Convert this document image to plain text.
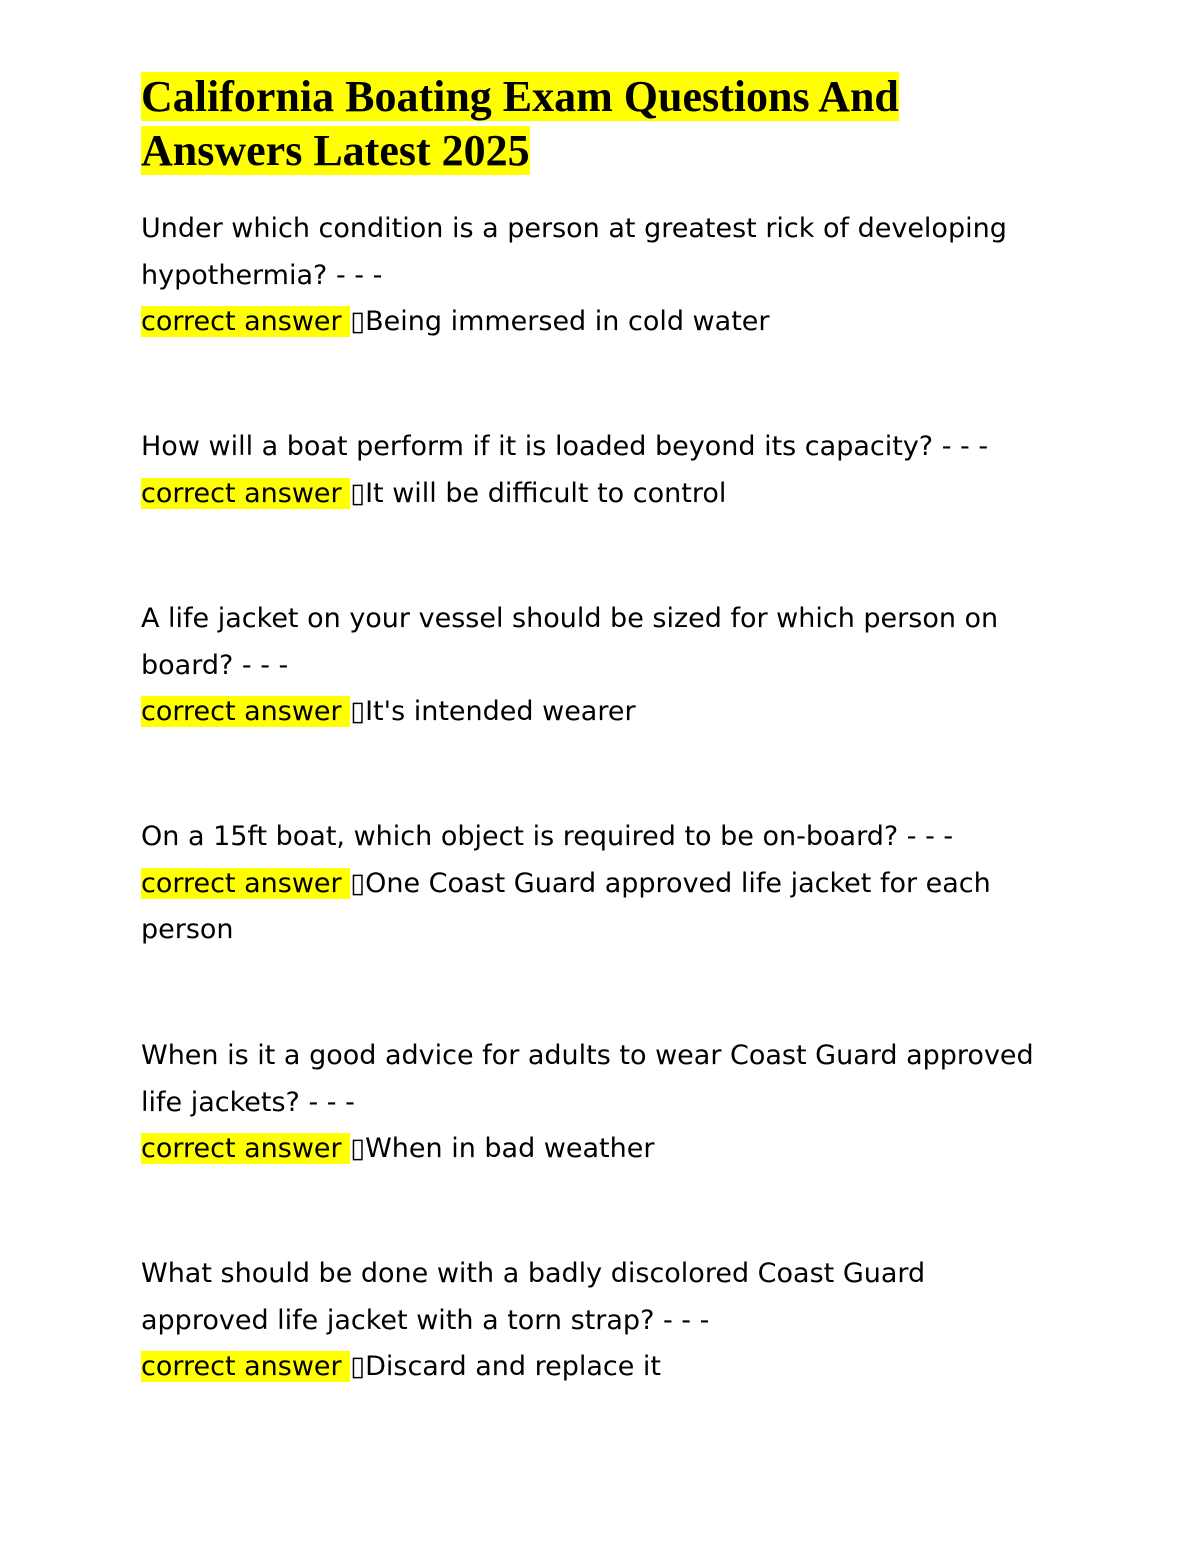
California Boating Exam Questions And Answers Latest 2025

Under which condition is a person at greatest rick of developing hypothermia? - - -

correct answer ▯Being immersed in cold water

How will a boat perform if it is loaded beyond its capacity? - - -

correct answer ▯It will be difficult to control

A life jacket on your vessel should be sized for which person on board? - - -

correct answer ▯It's intended wearer

On a 15ft boat, which object is required to be on-board? - - -

correct answer ▯One Coast Guard approved life jacket for each person

When is it a good advice for adults to wear Coast Guard approved life jackets? - - -

correct answer ▯When in bad weather

What should be done with a badly discolored Coast Guard approved life jacket with a torn strap? - - -

correct answer ▯Discard and replace it
